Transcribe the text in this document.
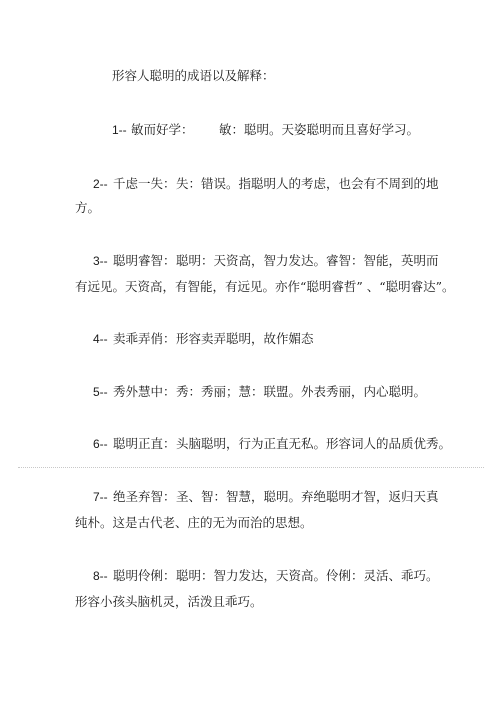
形容人聪明的成语以及解释：
1-- 敏而好学： 敏：聪明。天姿聪明而且喜好学习。
2-- 千虑一失： 失：错误。指聪明人的考虑，也会有不周到的地
方。
3-- 聪明睿智： 聪明：天资高，智力发达。睿智：智能，英明而
有远见。天资高，有智能，有远见。亦作“聪明睿哲” 、“聪明睿达”。
4-- 卖乖弄俏： 形容卖弄聪明，故作媚态
5-- 秀外慧中： 秀：秀丽；慧：联盟。外表秀丽，内心聪明。
6-- 聪明正直： 头脑聪明，行为正直无私。形容词人的品质优秀。
7-- 绝圣弃智： 圣、智：智慧，聪明。弃绝聪明才智，返归天真
纯朴。这是古代老、庄的无为而治的思想。
8-- 聪明伶俐： 聪明：智力发达，天资高。伶俐：灵活、乖巧。
形容小孩头脑机灵，活泼且乖巧。
